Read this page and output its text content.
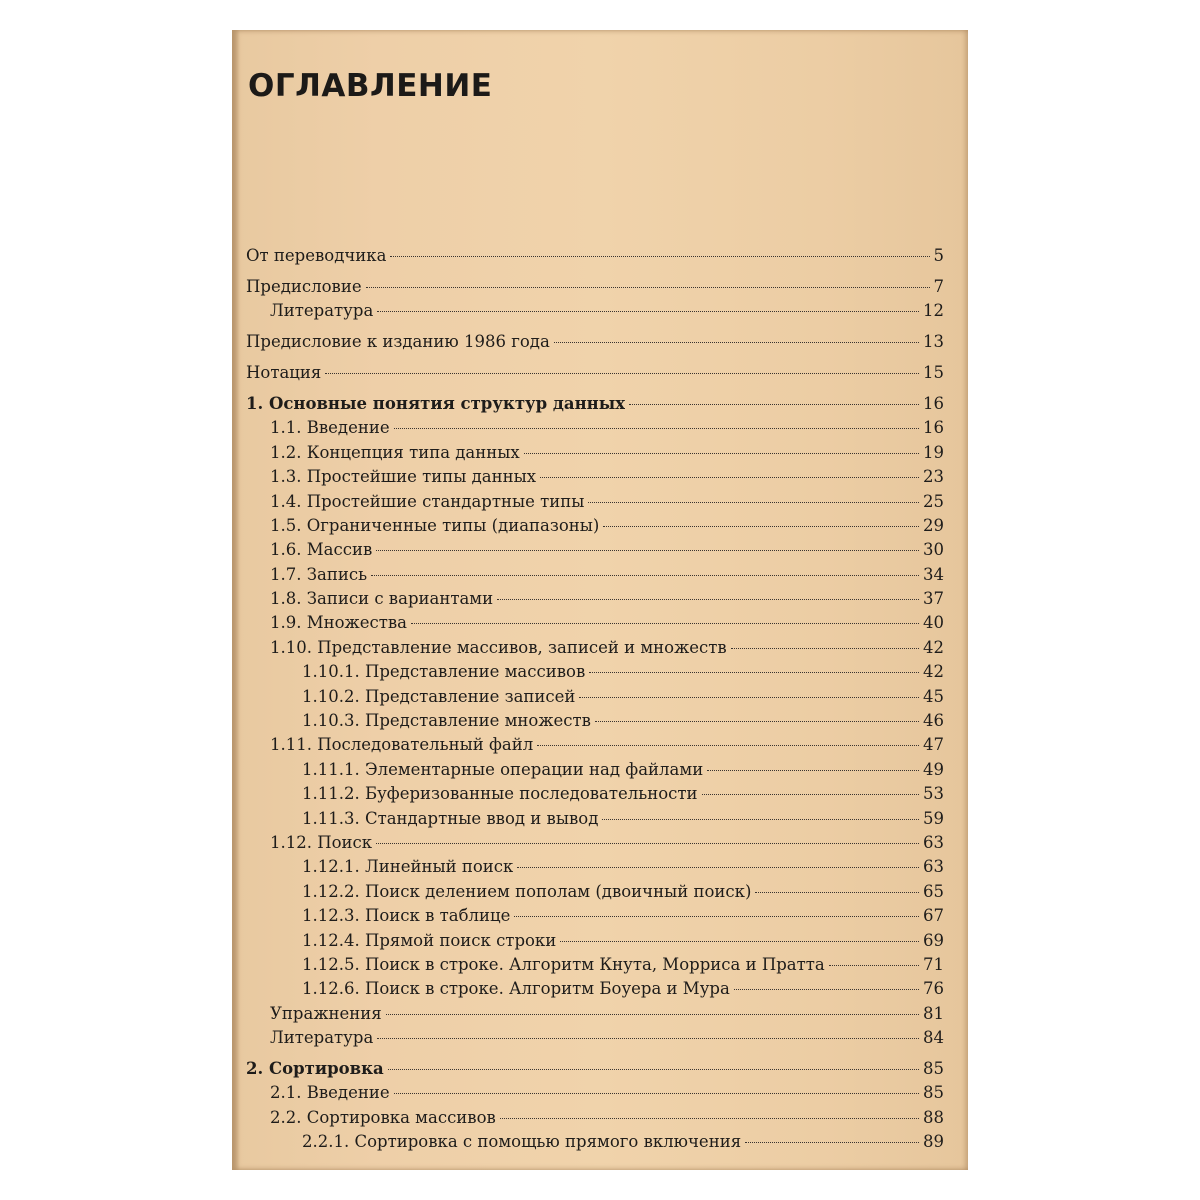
ОГЛАВЛЕНИЕ
От переводчика	5
Предисловие	7
Литература	12
Предисловие к изданию 1986 года	13
Нотация	15
1. Основные понятия структур данных	16
1.1. Введение	16
1.2. Концепция типа данных	19
1.3. Простейшие типы данных	23
1.4. Простейшие стандартные типы	25
1.5. Ограниченные типы (диапазоны)	29
1.6. Массив	30
1.7. Запись	34
1.8. Записи с вариантами	37
1.9. Множества	40
1.10. Представление массивов, записей и множеств	42
1.10.1. Представление массивов	42
1.10.2. Представление записей	45
1.10.3. Представление множеств	46
1.11. Последовательный файл	47
1.11.1. Элементарные операции над файлами	49
1.11.2. Буферизованные последовательности	53
1.11.3. Стандартные ввод и вывод	59
1.12. Поиск	63
1.12.1. Линейный поиск	63
1.12.2. Поиск делением пополам (двоичный поиск)	65
1.12.3. Поиск в таблице	67
1.12.4. Прямой поиск строки	69
1.12.5. Поиск в строке. Алгоритм Кнута, Морриса и Пратта	71
1.12.6. Поиск в строке. Алгоритм Боуера и Мура	76
Упражнения	81
Литература	84
2. Сортировка	85
2.1. Введение	85
2.2. Сортировка массивов	88
2.2.1. Сортировка с помощью прямого включения	89
